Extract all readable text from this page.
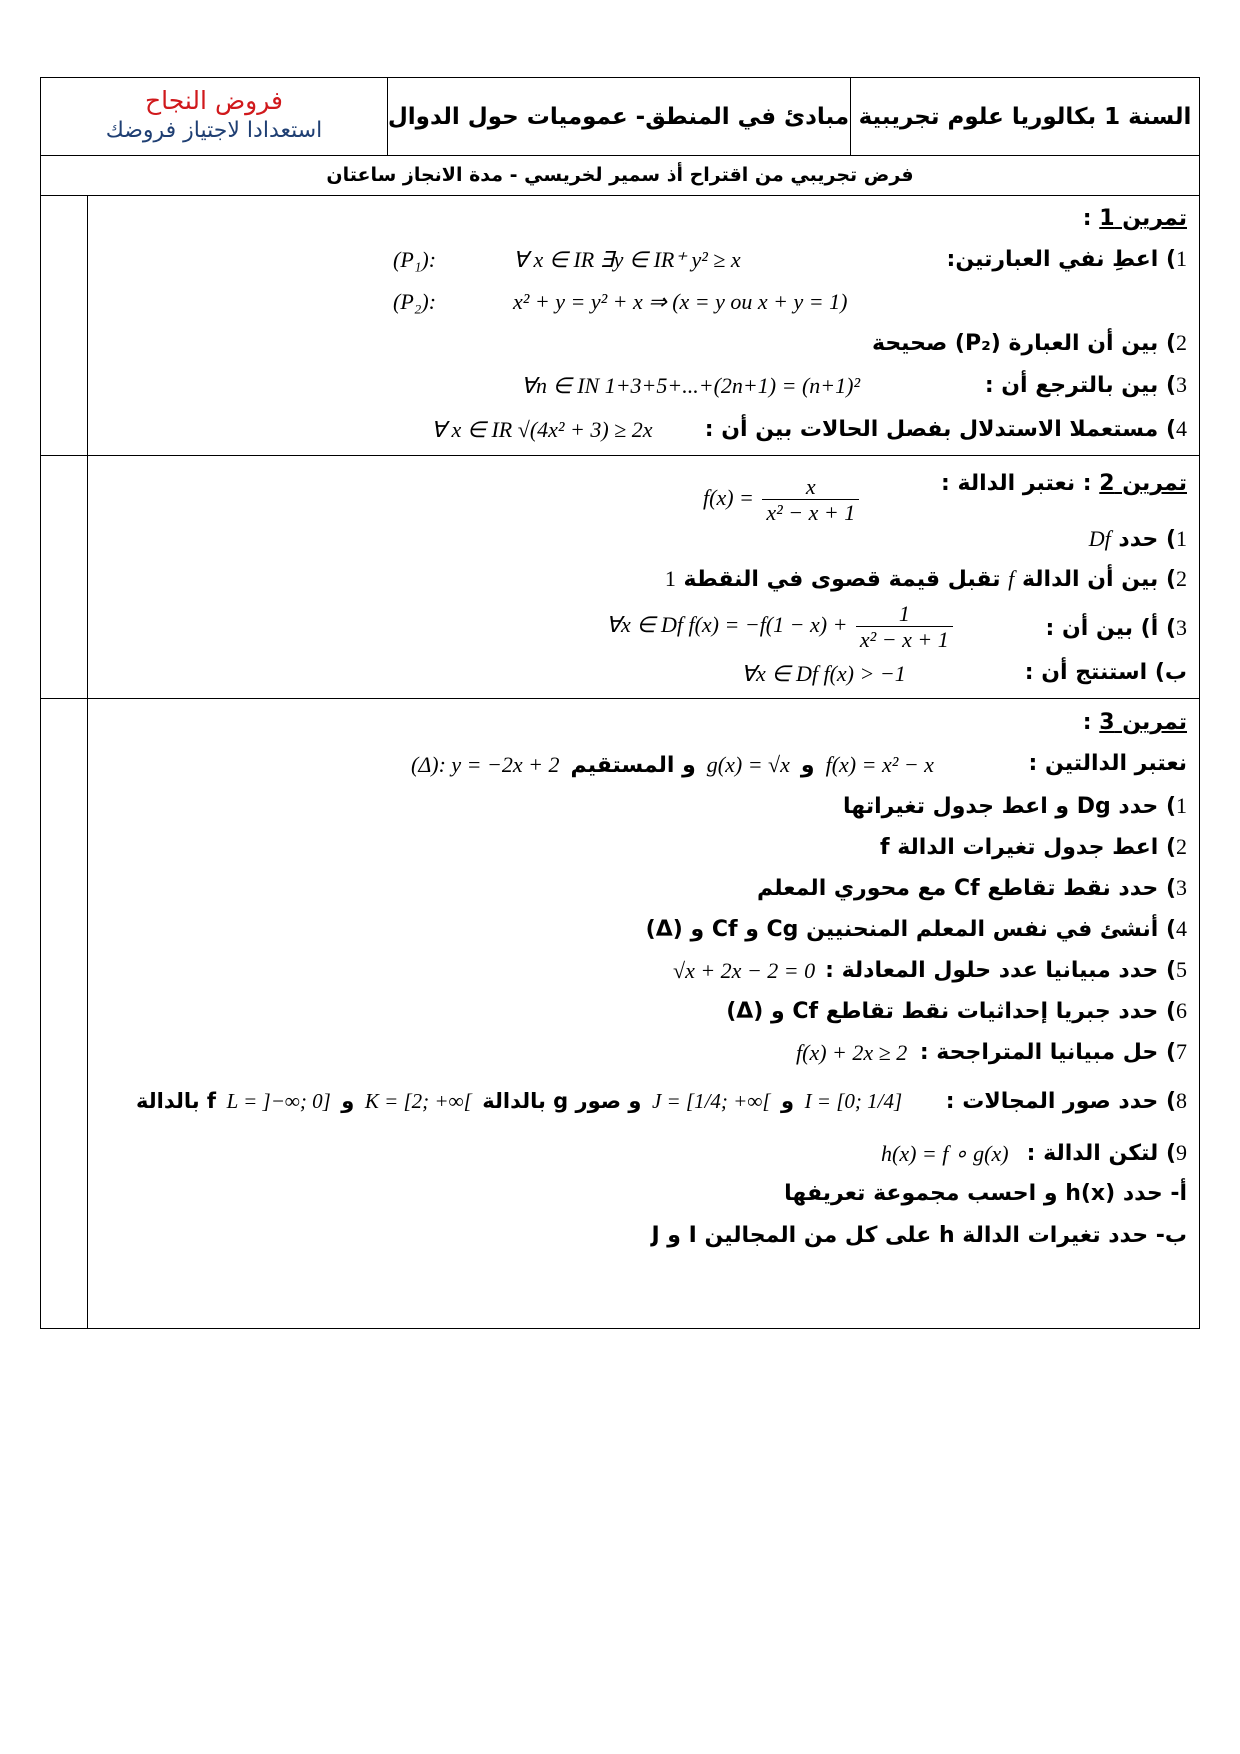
فروض النجاح
استعدادا لاجتياز فروضك
مبادئ في المنطق- عموميات حول الدوال السنة 1 بكالوريا علوم تجريبية
فرض تجريبي من اقتراح أذ سمير لخريسي - مدة الانجاز ساعتان
تمرين 1 :
1) اعطِ نفي العبارتين:
(P₁):	∀ x ∈ IR ∃y ∈ IR⁺ y² ≥ x
(P₂):	x² + y = y² + x ⇒ (x = y ou x + y = 1)
2) بين أن العبارة (P₂) صحيحة
3) بين بالترجع أن :
∀n ∈ IN 1+3+5+...+(2n+1) = (n+1)²
4) مستعملا الاستدلال بفصل الحالات بين أن :
∀ x ∈ IR √(4x² + 3) ≥ 2x
تمرين 2 : نعتبر الدالة :
$f(x) = \frac{x}{\text{x² − x + 1}}$
1) حدد Df
2) بين أن الدالة f تقبل قيمة قصوى في النقطة 1
3) أ) بين أن :
∀x ∈ Df $f(x) = -f(1 - x) + \frac{1}{\text{x² − x + 1}}$
ب) استنتج أن :
∀x ∈ Df f(x) > −1
تمرين 3 :
نعتبر الدالتين :
(Δ): y = −2x + 2 و المستقيم g(x) = √x و f(x) = x² − x
1) حدد Dg و اعط جدول تغيراتها
2) اعط جدول تغيرات الدالة f
3) حدد نقط تقاطع Cf مع محوري المعلم
4) أنشئ في نفس المعلم المنحنيين Cg و Cf و (Δ)
5) حدد مبيانيا عدد حلول المعادلة :
√x + 2x − 2 = 0
6) حدد جبريا إحداثيات نقط تقاطع Cf و (Δ)
7) حل مبيانيا المتراجحة :
f(x) + 2x ≥ 2
8) حدد صور المجالات :
بالدالة f L = ]−∞; 0] و K = [2; +∞[ بالدالة g و صور J = [1/4; +∞[ و I = [0; 1/4]
9) لتكن الدالة :
h(x) = f ∘ g(x)
أ- حدد h(x) و احسب مجموعة تعريفها
ب- حدد تغيرات الدالة h على كل من المجالين I و J
